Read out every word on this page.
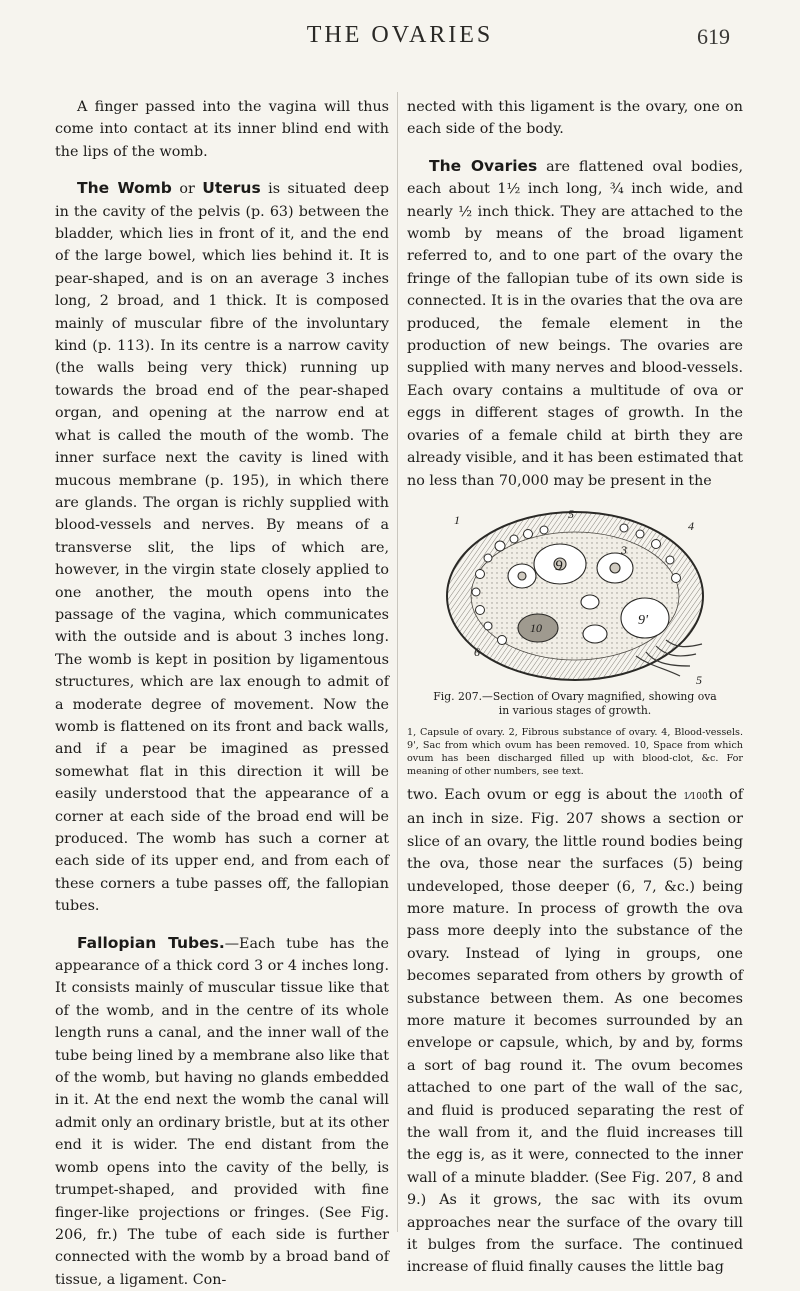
THE OVARIES	619

A finger passed into the vagina will thus come into contact at its inner blind end with the lips of the womb.

The Womb or Uterus is situated deep in the cavity of the pelvis (p. 63) between the bladder, which lies in front of it, and the end of the large bowel, which lies behind it. It is pear-shaped, and is on an average 3 inches long, 2 broad, and 1 thick. It is composed mainly of muscular fibre of the involuntary kind (p. 113). In its centre is a narrow cavity (the walls being very thick) running up towards the broad end of the pear-shaped organ, and opening at the narrow end at what is called the mouth of the womb. The inner surface next the cavity is lined with mucous membrane (p. 195), in which there are glands. The organ is richly supplied with blood-vessels and nerves. By means of a transverse slit, the lips of which are, however, in the virgin state closely applied to one another, the mouth opens into the passage of the vagina, which communicates with the outside and is about 3 inches long. The womb is kept in position by ligamentous structures, which are lax enough to admit of a moderate degree of movement. Now the womb is flattened on its front and back walls, and if a pear be imagined as pressed somewhat flat in this direction it will be easily understood that the appearance of a corner at each side of the broad end will be produced. The womb has such a corner at each side of its upper end, and from each of these corners a tube passes off, the fallopian tubes.

Fallopian Tubes.—Each tube has the appearance of a thick cord 3 or 4 inches long. It consists mainly of muscular tissue like that of the womb, and in the centre of its whole length runs a canal, and the inner wall of the tube being lined by a membrane also like that of the womb, but having no glands embedded in it. At the end next the womb the canal will admit only an ordinary bristle, but at its other end it is wider. The end distant from the womb opens into the cavity of the belly, is trumpet-shaped, and provided with fine finger-like projections or fringes. (See Fig. 206, fr.) The tube of each side is further connected with the womb by a broad band of tissue, a ligament. Con-

nected with this ligament is the ovary, one on each side of the body.

The Ovaries are flattened oval bodies, each about 1½ inch long, ¾ inch wide, and nearly ½ inch thick. They are attached to the womb by means of the broad ligament referred to, and to one part of the ovary the fringe of the fallopian tube of its own side is connected. It is in the ovaries that the ova are produced, the female element in the production of new beings. The ovaries are supplied with many nerves and blood-vessels. Each ovary contains a multitude of ova or eggs in different stages of growth. In the ovaries of a female child at birth they are already visible, and it has been estimated that no less than 70,000 may be present in the

1	5
9
3
4
10
6
9'
5
Fig. 207.—Section of Ovary magnified, showing ova in various stages of growth.
1, Capsule of ovary. 2, Fibrous substance of ovary. 4, Blood-vessels. 9', Sac from which ovum has been removed. 10, Space from which ovum has been discharged filled up with blood-clot, &c. For meaning of other numbers, see text.

two. Each ovum or egg is about the 1⁄100th of an inch in size. Fig. 207 shows a section or slice of an ovary, the little round bodies being the ova, those near the surfaces (5) being undeveloped, those deeper (6, 7, &c.) being more mature. In process of growth the ova pass more deeply into the substance of the ovary. Instead of lying in groups, one becomes separated from others by growth of substance between them. As one becomes more mature it becomes surrounded by an envelope or capsule, which, by and by, forms a sort of bag round it. The ovum becomes attached to one part of the wall of the sac, and fluid is produced separating the rest of the wall from it, and the fluid increases till the egg is, as it were, connected to the inner wall of a minute bladder. (See Fig. 207, 8 and 9.) As it grows, the sac with its ovum approaches near the surface of the ovary till it bulges from the surface. The continued increase of fluid finally causes the little bag
